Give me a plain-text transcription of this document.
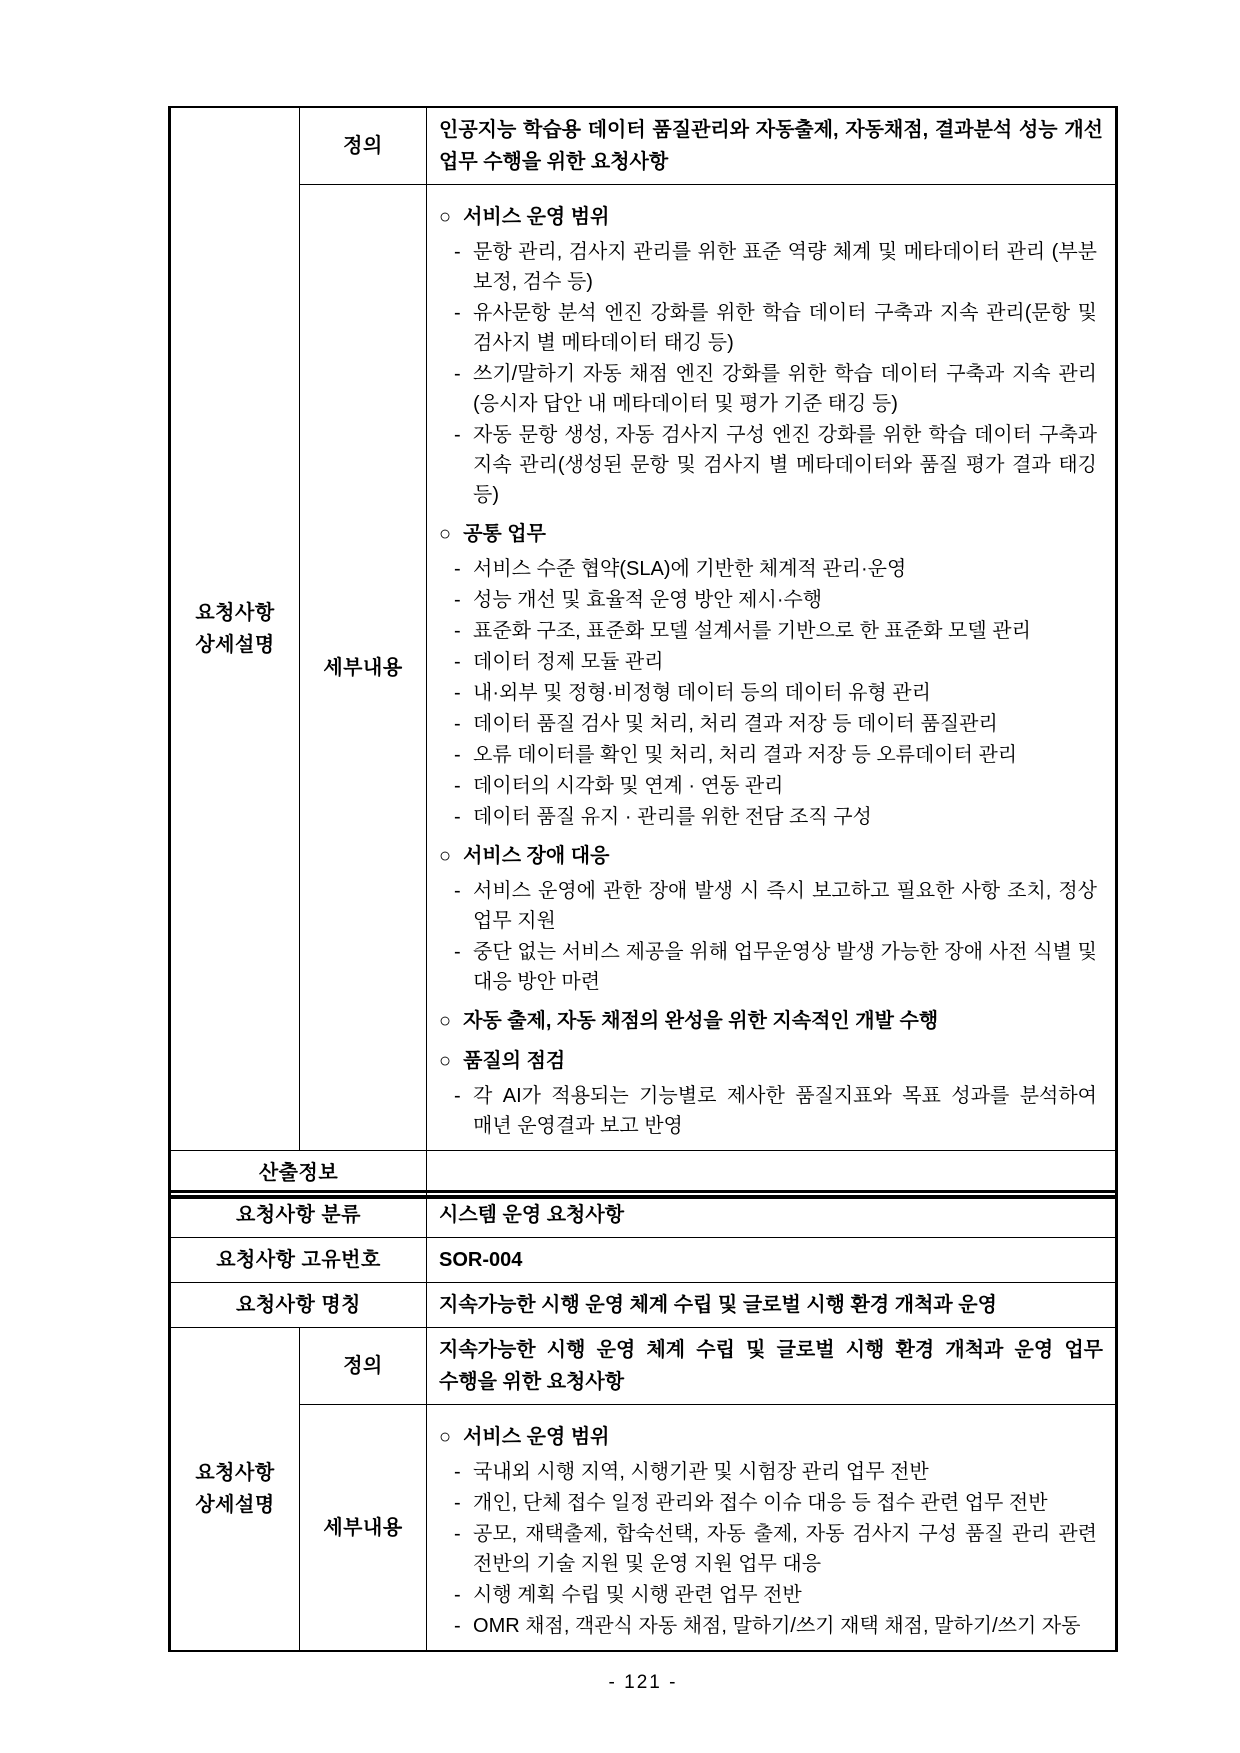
요청사항 상세설명	정의	인공지능 학습용 데이터 품질관리와 자동출제, 자동채점, 결과분석 성능 개선 업무 수행을 위한 요청사항
세부내용	
○ 서비스 운영 범위
- 문항 관리, 검사지 관리를 위한 표준 역량 체계 및 메타데이터 관리 (부분 보정, 검수 등)
- 유사문항 분석 엔진 강화를 위한 학습 데이터 구축과 지속 관리(문항 및 검사지 별 메타데이터 태깅 등)
- 쓰기/말하기 자동 채점 엔진 강화를 위한 학습 데이터 구축과 지속 관리(응시자 답안 내 메타데이터 및 평가 기준 태깅 등)
- 자동 문항 생성, 자동 검사지 구성 엔진 강화를 위한 학습 데이터 구축과 지속 관리(생성된 문항 및 검사지 별 메타데이터와 품질 평가 결과 태깅 등)
○ 공통 업무
- 서비스 수준 협약(SLA)에 기반한 체계적 관리·운영
- 성능 개선 및 효율적 운영 방안 제시·수행
- 표준화 구조, 표준화 모델 설계서를 기반으로 한 표준화 모델 관리
- 데이터 정제 모듈 관리
- 내·외부 및 정형·비정형 데이터 등의 데이터 유형 관리
- 데이터 품질 검사 및 처리, 처리 결과 저장 등 데이터 품질관리
- 오류 데이터를 확인 및 처리, 처리 결과 저장 등 오류데이터 관리
- 데이터의 시각화 및 연계 · 연동 관리
- 데이터 품질 유지 · 관리를 위한 전담 조직 구성
○ 서비스 장애 대응
- 서비스 운영에 관한 장애 발생 시 즉시 보고하고 필요한 사항 조치, 정상 업무 지원
- 중단 없는 서비스 제공을 위해 업무운영상 발생 가능한 장애 사전 식별 및 대응 방안 마련
○ 자동 출제, 자동 채점의 완성을 위한 지속적인 개발 수행
○ 품질의 점검
- 각 AI가 적용되는 기능별로 제사한 품질지표와 목표 성과를 분석하여 매년 운영결과 보고 반영

산출정보		
요청사항 분류		시스템 운영 요청사항
요청사항 고유번호		SOR-004
요청사항 명칭		지속가능한 시행 운영 체계 수립 및 글로벌 시행 환경 개척과 운영
요청사항 상세설명	정의	지속가능한 시행 운영 체계 수립 및 글로벌 시행 환경 개척과 운영 업무 수행을 위한 요청사항
세부내용	
○ 서비스 운영 범위
- 국내외 시행 지역, 시행기관 및 시험장 관리 업무 전반
- 개인, 단체 접수 일정 관리와 접수 이슈 대응 등 접수 관련 업무 전반
- 공모, 재택출제, 합숙선택, 자동 출제, 자동 검사지 구성 품질 관리 관련 전반의 기술 지원 및 운영 지원 업무 대응
- 시행 계획 수립 및 시행 관련 업무 전반
- OMR 채점, 객관식 자동 채점, 말하기/쓰기 재택 채점, 말하기/쓰기 자동
- 121 -
